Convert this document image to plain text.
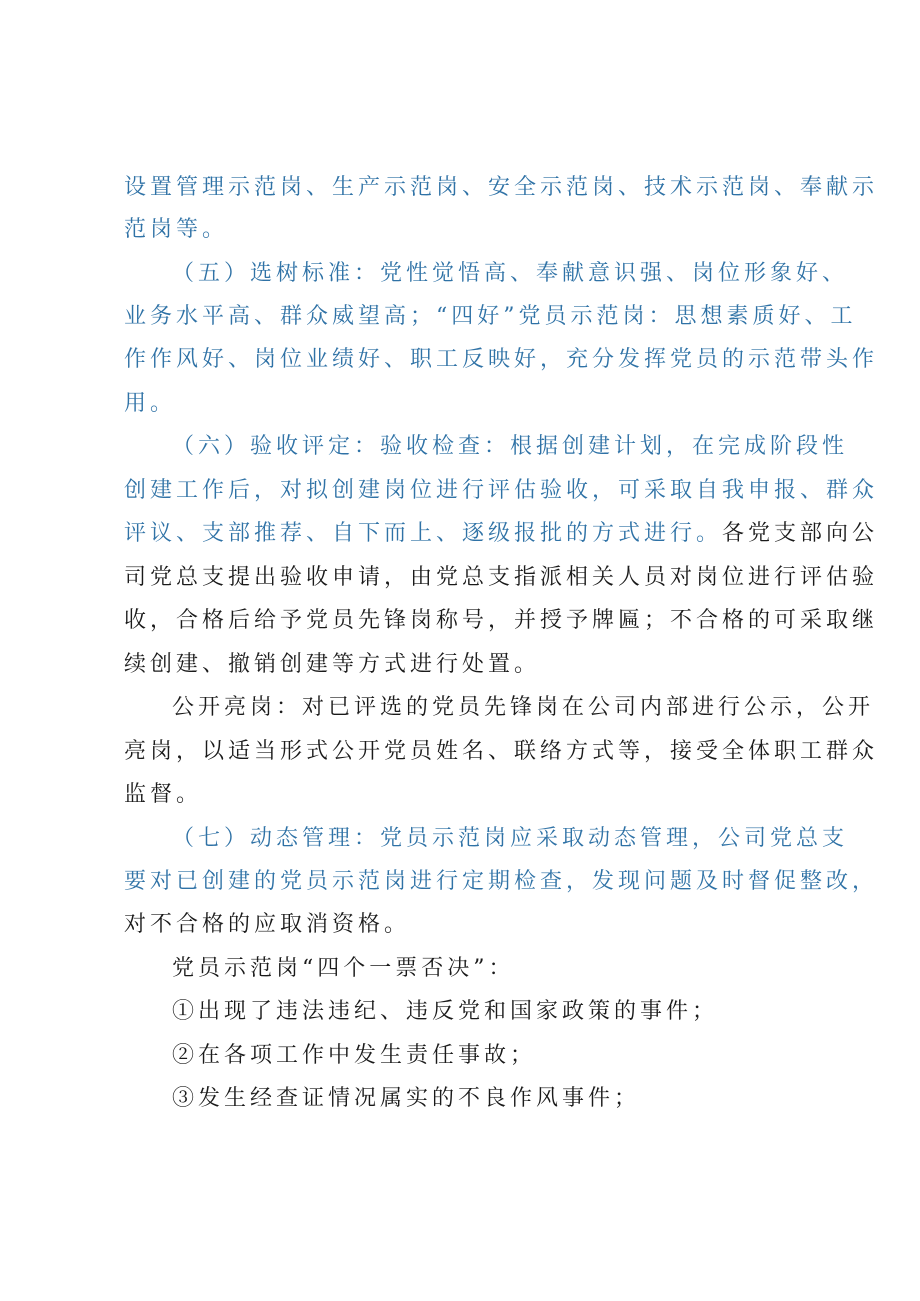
设置管理示范岗、生产示范岗、安全示范岗、技术示范岗、奉献示
范岗等。
（五）选树标准：党性觉悟高、奉献意识强、岗位形象好、
业务水平高、群众威望高；“四好”党员示范岗：思想素质好、工
作作风好、岗位业绩好、职工反映好，充分发挥党员的示范带头作
用。
（六）验收评定：验收检查：根据创建计划，在完成阶段性
创建工作后，对拟创建岗位进行评估验收，可采取自我申报、群众
评议、支部推荐、自下而上、逐级报批的方式进行。各党支部向公
司党总支提出验收申请，由党总支指派相关人员对岗位进行评估验
收，合格后给予党员先锋岗称号，并授予牌匾；不合格的可采取继
续创建、撤销创建等方式进行处置。
公开亮岗：对已评选的党员先锋岗在公司内部进行公示，公开
亮岗，以适当形式公开党员姓名、联络方式等，接受全体职工群众
监督。
（七）动态管理：党员示范岗应采取动态管理，公司党总支
要对已创建的党员示范岗进行定期检查，发现问题及时督促整改，
对不合格的应取消资格。
党员示范岗“四个一票否决”：
①出现了违法违纪、违反党和国家政策的事件；
②在各项工作中发生责任事故；
③发生经查证情况属实的不良作风事件；
